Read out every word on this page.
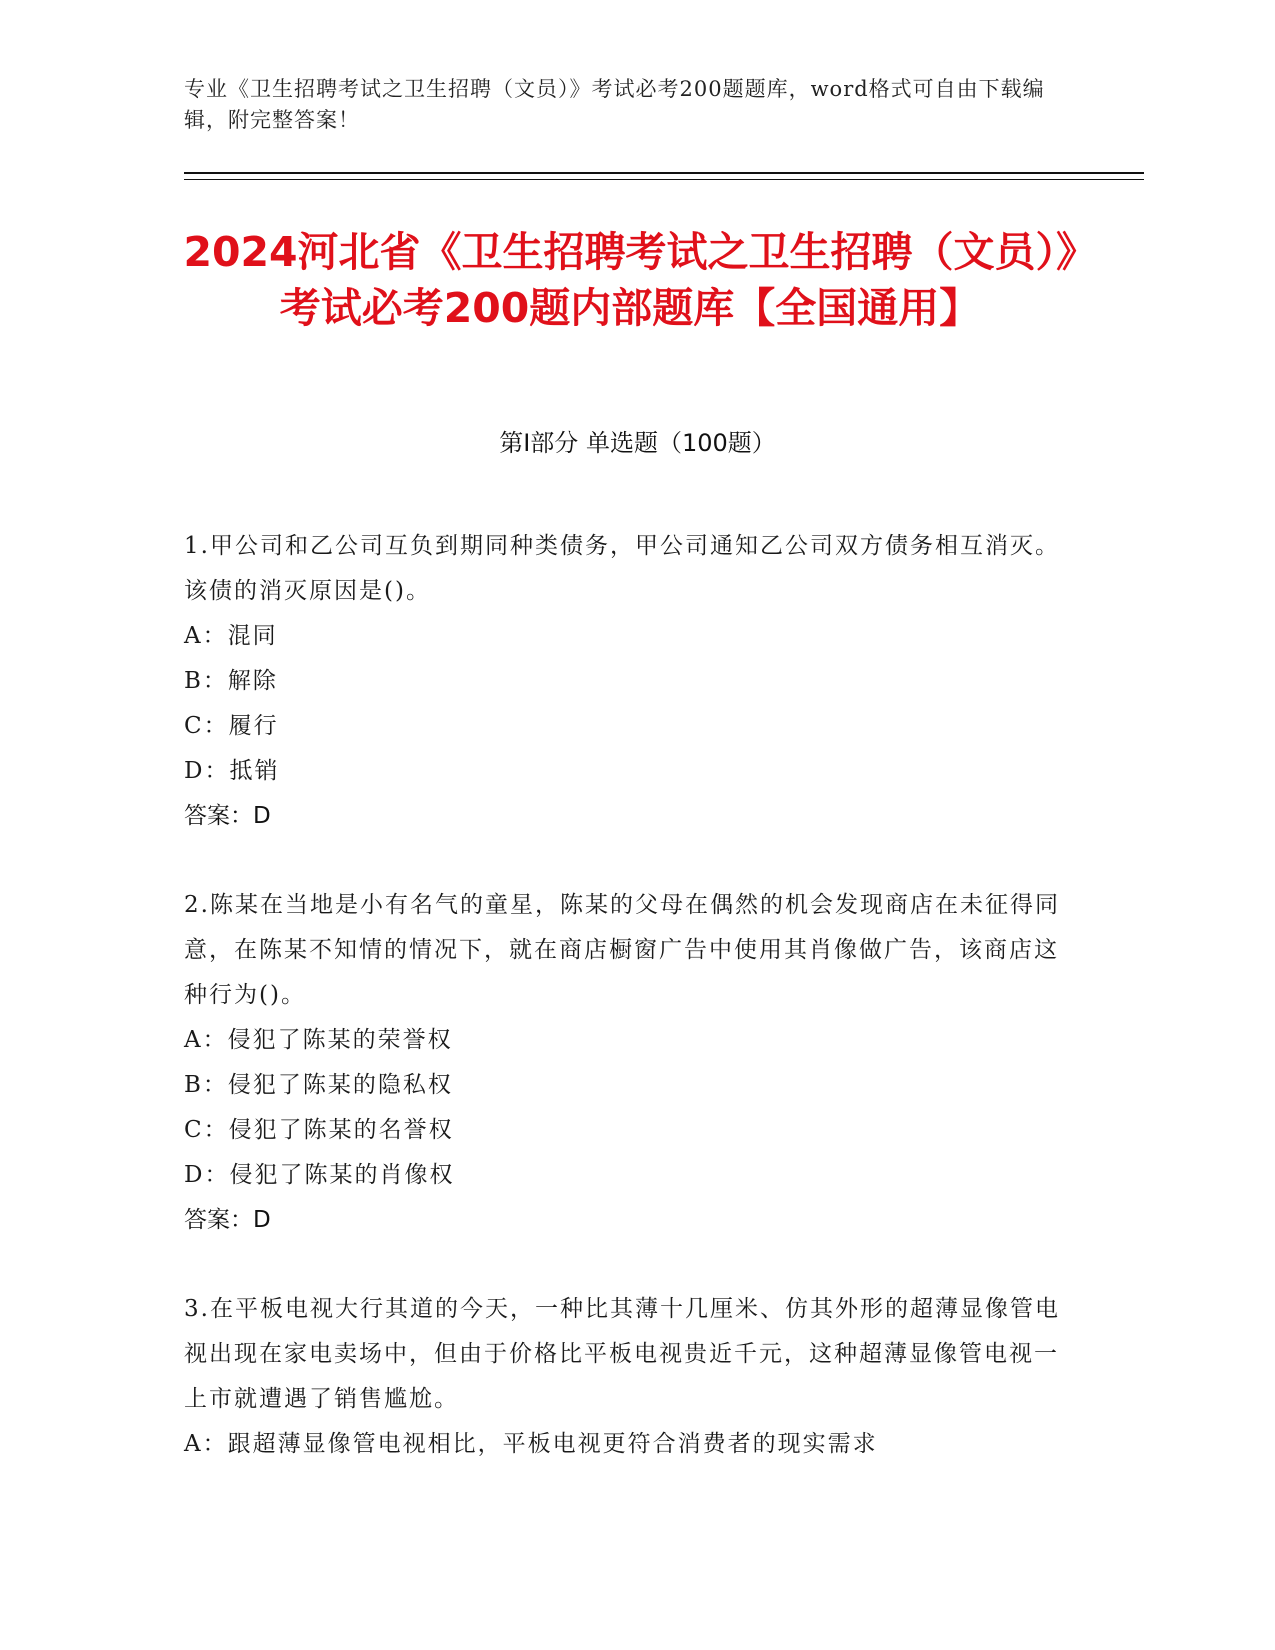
专业《卫生招聘考试之卫生招聘（文员）》考试必考200题题库，word格式可自由下载编辑，附完整答案！
2024河北省《卫生招聘考试之卫生招聘（文员）》考试必考200题内部题库【全国通用】
第I部分 单选题（100题）
1.甲公司和乙公司互负到期同种类债务，甲公司通知乙公司双方债务相互消灭。该债的消灭原因是()。
A：混同
B：解除
C：履行
D：抵销
答案：D
2.陈某在当地是小有名气的童星，陈某的父母在偶然的机会发现商店在未征得同意，在陈某不知情的情况下，就在商店橱窗广告中使用其肖像做广告，该商店这种行为()。
A：侵犯了陈某的荣誉权
B：侵犯了陈某的隐私权
C：侵犯了陈某的名誉权
D：侵犯了陈某的肖像权
答案：D
3.在平板电视大行其道的今天，一种比其薄十几厘米、仿其外形的超薄显像管电视出现在家电卖场中，但由于价格比平板电视贵近千元，这种超薄显像管电视一上市就遭遇了销售尴尬。
A：跟超薄显像管电视相比，平板电视更符合消费者的现实需求
